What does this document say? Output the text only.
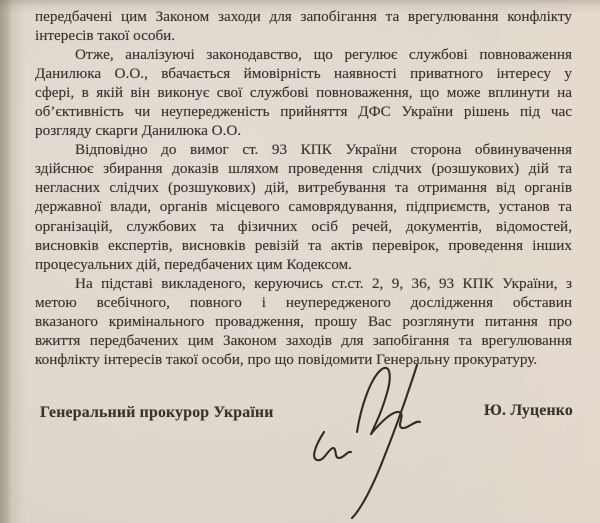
передбачені цим Законом заходи для запобігання та врегулювання конфлікту
інтересів такої особи.
Отже, аналізуючі законодавство, що регулює службові повноваження
Данилюка О.О., вбачається ймовірність наявності приватного інтересу у
сфері, в якій він виконує свої службові повноваження, що може вплинути на
об’єктивність чи неупередженість прийняття ДФС України рішень під час
розгляду скарги Данилюка О.О.
Відповідно до вимог ст. 93 КПК України сторона обвинувачення
здійснює збирання доказів шляхом проведення слідчих (розшукових) дій та
негласних слідчих (розшукових) дій, витребування та отримання від органів
державної влади, органів місцевого самоврядування, підприємств, установ та
організацій, службових та фізичних осіб речей, документів, відомостей,
висновків експертів, висновків ревізій та актів перевірок, проведення інших
процесуальних дій, передбачених цим Кодексом.
На підставі викладеного, керуючись ст.ст. 2, 9, 36, 93 КПК України, з
метою всебічного, повного і неупередженого дослідження обставин
вказаного кримінального провадження, прошу Вас розглянути питання про
вжиття передбачених цим Законом заходів для запобігання та врегулювання
конфлікту інтересів такої особи, про що повідомити Генеральну прокуратуру.
Генеральний прокурор України	Ю. Луценко
